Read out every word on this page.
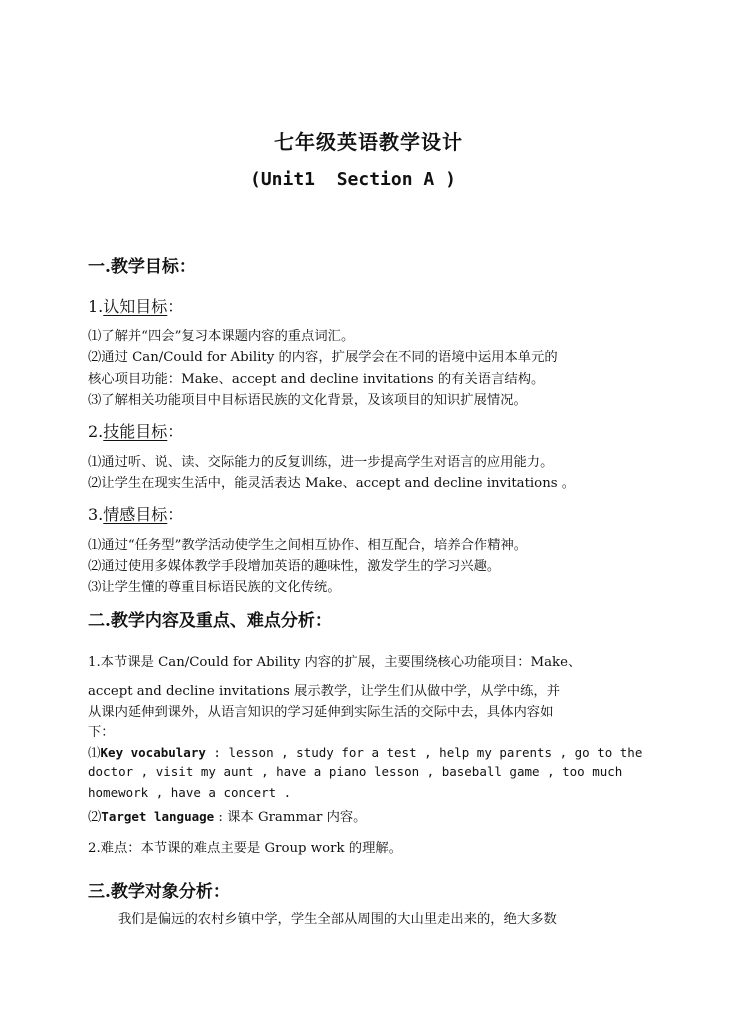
七年级英语教学设计
(Unit1  Section A )
一.教学目标：
1.认知目标：
⑴了解并“四会”复习本课题内容的重点词汇。
⑵通过 Can/Could for Ability 的内容，扩展学会在不同的语境中运用本单元的
核心项目功能：Make、accept and decline invitations 的有关语言结构。
⑶了解相关功能项目中目标语民族的文化背景，及该项目的知识扩展情况。
2.技能目标：
⑴通过听、说、读、交际能力的反复训练，进一步提高学生对语言的应用能力。
⑵让学生在现实生活中，能灵活表达 Make、accept and decline invitations 。
3.情感目标：
⑴通过“任务型”教学活动使学生之间相互协作、相互配合，培养合作精神。
⑵通过使用多媒体教学手段增加英语的趣味性，激发学生的学习兴趣。
⑶让学生懂的尊重目标语民族的文化传统。
二.教学内容及重点、难点分析：
1.本节课是 Can/Could for Ability 内容的扩展，主要围绕核心功能项目：Make、
accept and decline invitations 展示教学，让学生们从做中学，从学中练，并
从课内延伸到课外，从语言知识的学习延伸到实际生活的交际中去，具体内容如
下：
⑴Key vocabulary : lesson , study for a test , help my parents , go to the
doctor , visit my aunt , have a piano lesson , baseball game , too much
homework , have a concert .
⑵Target language : 课本 Grammar 内容。
2.难点：本节课的难点主要是 Group work 的理解。
三.教学对象分析：
我们是偏远的农村乡镇中学，学生全部从周围的大山里走出来的，绝大多数
